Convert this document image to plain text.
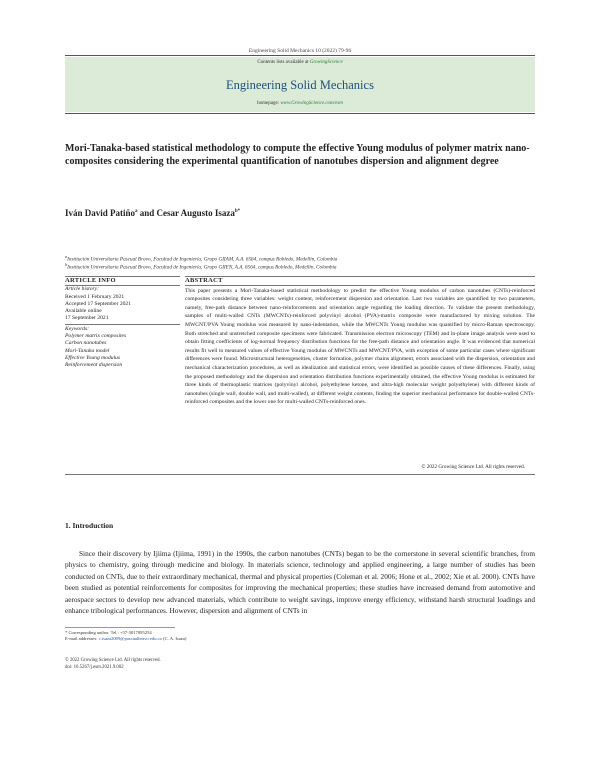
Engineering Solid Mechanics 10 (2022) 79-96
Contents lists available at GrowingScience
Engineering Solid Mechanics
homepage: www.GrowingScience.com/esm
Mori-Tanaka-based statistical methodology to compute the effective Young modulus of polymer matrix nano-composites considering the experimental quantification of nanotubes dispersion and alignment degree
Iván David Patiño$^a$ and Cesar Augusto Isaza$^{b*}$
$^a$Institución Universitaria Pascual Bravo, Facultad de Ingeniería, Grupo GIIAM, A.A. 6564, campus Robledo, Medellín, Colombia
$^b$Institución Universitaria Pascual Bravo, Facultad de Ingeniería, Grupo GIIEN, A.A. 6564, campus Robledo, Medellín, Colombia
ARTICLE INFO
Article history:
Received 1 February 2021
Accepted 17 September 2021
Available online
17 September 2021
Keywords:
Polymer matrix composites
Carbon nanotubes
Mori-Tanaka model
Effective Young modulus
Reinforcement dispersion
ABSTRACT
This paper presents a Mori-Tanaka-based statistical methodology to predict the effective Young modulus of carbon nanotubes (CNTs)-reinforced composites considering three variables: weight content, reinforcement dispersion and orientation. Last two variables are quantified by two parameters, namely, free-path distance between nano-reinforcements and orientation angle regarding the loading direction. To validate the present methodology, samples of multi-walled CNTs (MWCNTs)-reinforced polyvinyl alcohol (PVA)-matrix composite were manufactured by mixing solution. The MWCNT/PVA Young modulus was measured by nano-indentation, while the MWCNTs Young modulus was quantified by micro-Raman spectroscopy. Both stretched and unstretched composite specimens were fabricated. Transmission electron microscopy (TEM) and in-plane image analysis were used to obtain fitting coefficients of log-normal frequency distribution functions for the free-path distance and orientation angle. It was evidenced that numerical results fit well to measured values of effective Young modulus of MWCNTs and MWCNT/PVA, with exception of some particular cases where significant differences were found. Microstructural heterogeneities, cluster formation, polymer chains alignment, errors associated with the dispersion, orientation and mechanical characterization procedures, as well as idealization and statistical errors, were identified as possible causes of these differences. Finally, using the proposed methodology and the dispersion and orientation distribution functions experimentally obtained, the effective Young modulus is estimated for three kinds of thermoplastic matrices (polyvinyl alcohol, polyethylene ketone, and ultra-high molecular weight polyethylene) with different kinds of nanotubes (single wall, double wall, and multi-walled), at different weight contents, finding the superior mechanical performance for double-walled CNTs-reinforced composites and the lower one for multi-walled CNTs-reinforced ones.
© 2022 Growing Science Ltd. All rights reserved.
1. Introduction
Since their discovery by Ijiima (Ijiima, 1991) in the 1990s, the carbon nanotubes (CNTs) began to be the cornerstone in several scientific branches, from physics to chemistry, going through medicine and biology. In materials science, technology and applied engineering, a large number of studies has been conducted on CNTs, due to their extraordinary mechanical, thermal and physical properties (Coleman et al. 2006; Hone et al., 2002; Xie et al. 2000). CNTs have been studied as potential reinforcements for composites for improving the mechanical properties; these studies have increased demand from automotive and aerospace sectors to develop new advanced materials, which contribute to weight savings, improve energy efficiency, withstand harsh structural loadings and enhance tribological performances. However, dispersion and alignment of CNTs in
* Corresponding author. Tel.: +57-3017095254
E-mail addresses: c.isaza2009@pascualbravo.edu.co (C. A. Isaza)
© 2022 Growing Science Ltd. All rights reserved.
doi: 10.5267/j.esm.2021.9.002
